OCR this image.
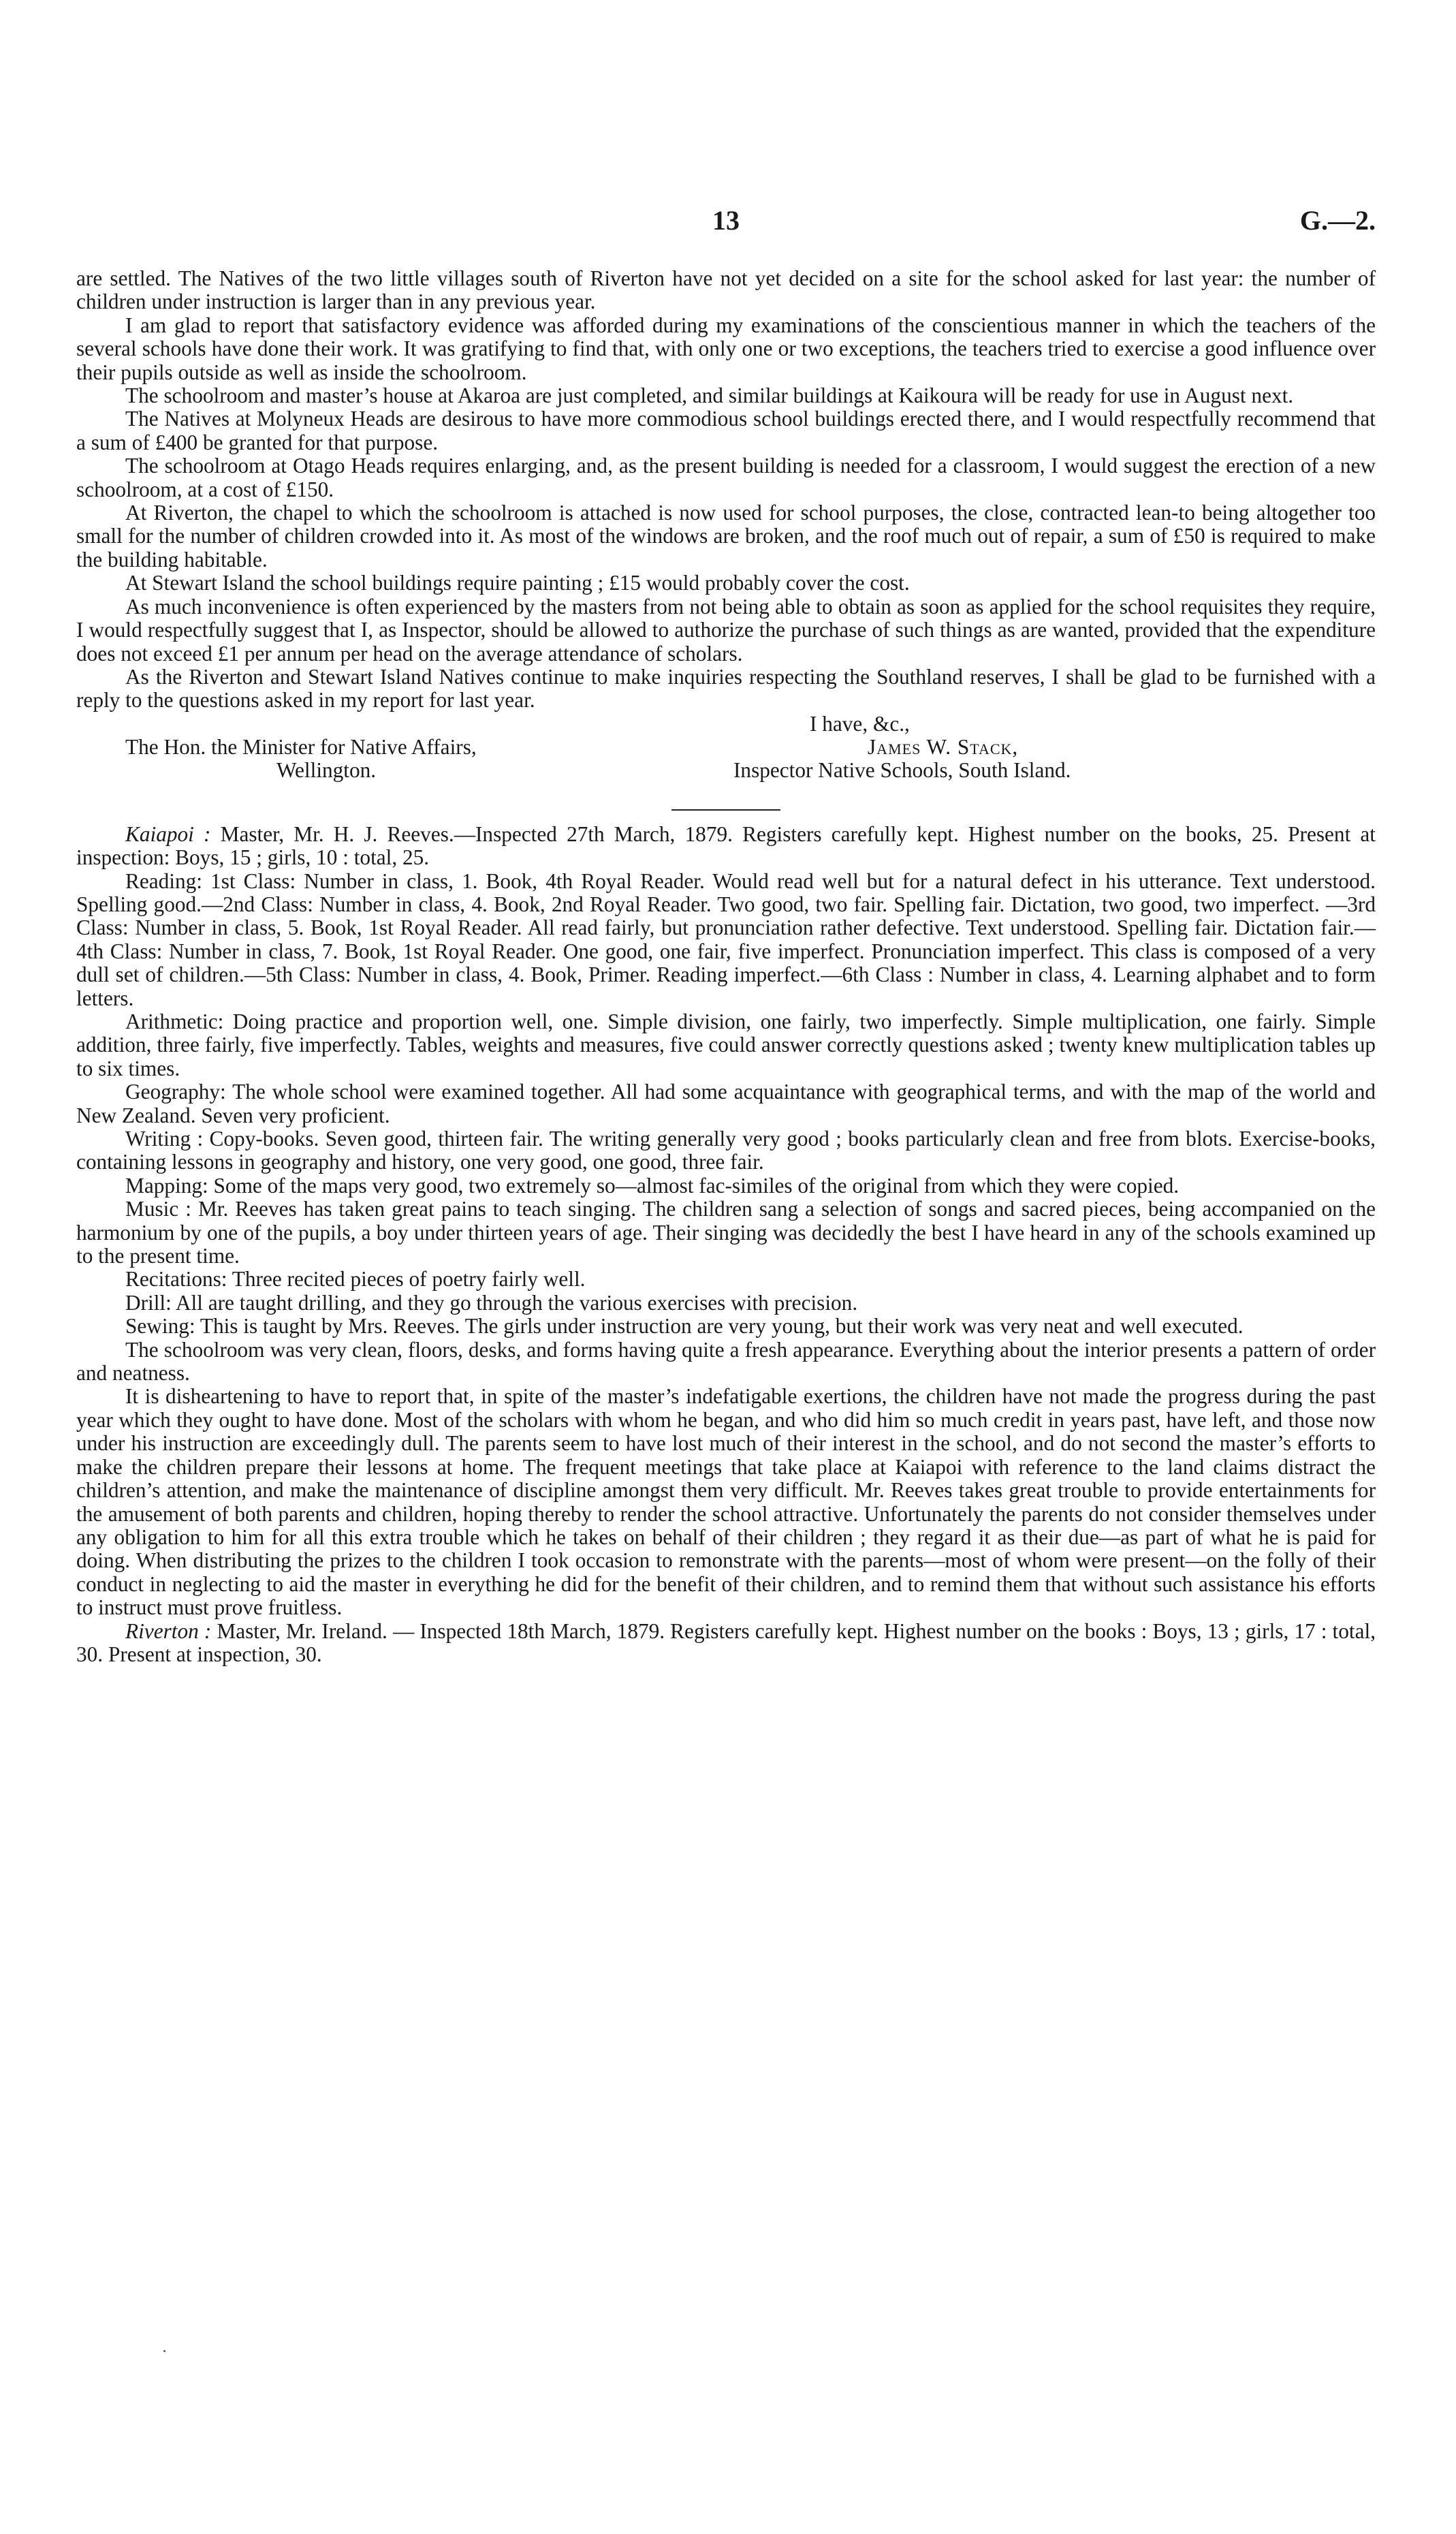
13	G.—2.

are settled. The Natives of the two little villages south of Riverton have not yet decided on a site for the school asked for last year: the number of children under instruction is larger than in any previous year.

I am glad to report that satisfactory evidence was afforded during my examinations of the conscientious manner in which the teachers of the several schools have done their work. It was gratifying to find that, with only one or two exceptions, the teachers tried to exercise a good influence over their pupils outside as well as inside the schoolroom.

The schoolroom and master’s house at Akaroa are just completed, and similar buildings at Kaikoura will be ready for use in August next.

The Natives at Molyneux Heads are desirous to have more commodious school buildings erected there, and I would respectfully recommend that a sum of £400 be granted for that purpose.

The schoolroom at Otago Heads requires enlarging, and, as the present building is needed for a classroom, I would suggest the erection of a new schoolroom, at a cost of £150.

At Riverton, the chapel to which the schoolroom is attached is now used for school purposes, the close, contracted lean-to being altogether too small for the number of children crowded into it. As most of the windows are broken, and the roof much out of repair, a sum of £50 is required to make the building habitable.

At Stewart Island the school buildings require painting ; £15 would probably cover the cost.

As much inconvenience is often experienced by the masters from not being able to obtain as soon as applied for the school requisites they require, I would respectfully suggest that I, as Inspector, should be allowed to authorize the purchase of such things as are wanted, provided that the expenditure does not exceed £1 per annum per head on the average attendance of scholars.

As the Riverton and Stewart Island Natives continue to make inquiries respecting the Southland reserves, I shall be glad to be furnished with a reply to the questions asked in my report for last year.

I have, &c.,
The Hon. the Minister for Native Affairs,
Wellington.
James W. Stack,
Inspector Native Schools, South Island.

Kaiapoi : Master, Mr. H. J. Reeves.—Inspected 27th March, 1879. Registers carefully kept. Highest number on the books, 25. Present at inspection: Boys, 15 ; girls, 10 : total, 25.

Reading: 1st Class: Number in class, 1. Book, 4th Royal Reader. Would read well but for a natural defect in his utterance. Text understood. Spelling good.—2nd Class: Number in class, 4. Book, 2nd Royal Reader. Two good, two fair. Spelling fair. Dictation, two good, two imperfect. —3rd Class: Number in class, 5. Book, 1st Royal Reader. All read fairly, but pronunciation rather defective. Text understood. Spelling fair. Dictation fair.—4th Class: Number in class, 7. Book, 1st Royal Reader. One good, one fair, five imperfect. Pronunciation imperfect. This class is composed of a very dull set of children.—5th Class: Number in class, 4. Book, Primer. Reading imperfect.—6th Class : Number in class, 4. Learning alphabet and to form letters.

Arithmetic: Doing practice and proportion well, one. Simple division, one fairly, two imperfectly. Simple multiplication, one fairly. Simple addition, three fairly, five imperfectly. Tables, weights and measures, five could answer correctly questions asked ; twenty knew multiplication tables up to six times.

Geography: The whole school were examined together. All had some acquaintance with geographical terms, and with the map of the world and New Zealand. Seven very proficient.

Writing : Copy-books. Seven good, thirteen fair. The writing generally very good ; books particularly clean and free from blots. Exercise-books, containing lessons in geography and history, one very good, one good, three fair.

Mapping: Some of the maps very good, two extremely so—almost fac-similes of the original from which they were copied.

Music : Mr. Reeves has taken great pains to teach singing. The children sang a selection of songs and sacred pieces, being accompanied on the harmonium by one of the pupils, a boy under thirteen years of age. Their singing was decidedly the best I have heard in any of the schools examined up to the present time.

Recitations: Three recited pieces of poetry fairly well.

Drill: All are taught drilling, and they go through the various exercises with precision.

Sewing: This is taught by Mrs. Reeves. The girls under instruction are very young, but their work was very neat and well executed.

The schoolroom was very clean, floors, desks, and forms having quite a fresh appearance. Everything about the interior presents a pattern of order and neatness.

It is disheartening to have to report that, in spite of the master’s indefatigable exertions, the children have not made the progress during the past year which they ought to have done. Most of the scholars with whom he began, and who did him so much credit in years past, have left, and those now under his instruction are exceedingly dull. The parents seem to have lost much of their interest in the school, and do not second the master’s efforts to make the children prepare their lessons at home. The frequent meetings that take place at Kaiapoi with reference to the land claims distract the children’s attention, and make the maintenance of discipline amongst them very difficult. Mr. Reeves takes great trouble to provide entertainments for the amusement of both parents and children, hoping thereby to render the school attractive. Unfortunately the parents do not consider themselves under any obligation to him for all this extra trouble which he takes on behalf of their children ; they regard it as their due—as part of what he is paid for doing. When distributing the prizes to the children I took occasion to remonstrate with the parents—most of whom were present—on the folly of their conduct in neglecting to aid the master in everything he did for the benefit of their children, and to remind them that without such assistance his efforts to instruct must prove fruitless.

Riverton : Master, Mr. Ireland. — Inspected 18th March, 1879. Registers carefully kept. Highest number on the books : Boys, 13 ; girls, 17 : total, 30. Present at inspection, 30.
